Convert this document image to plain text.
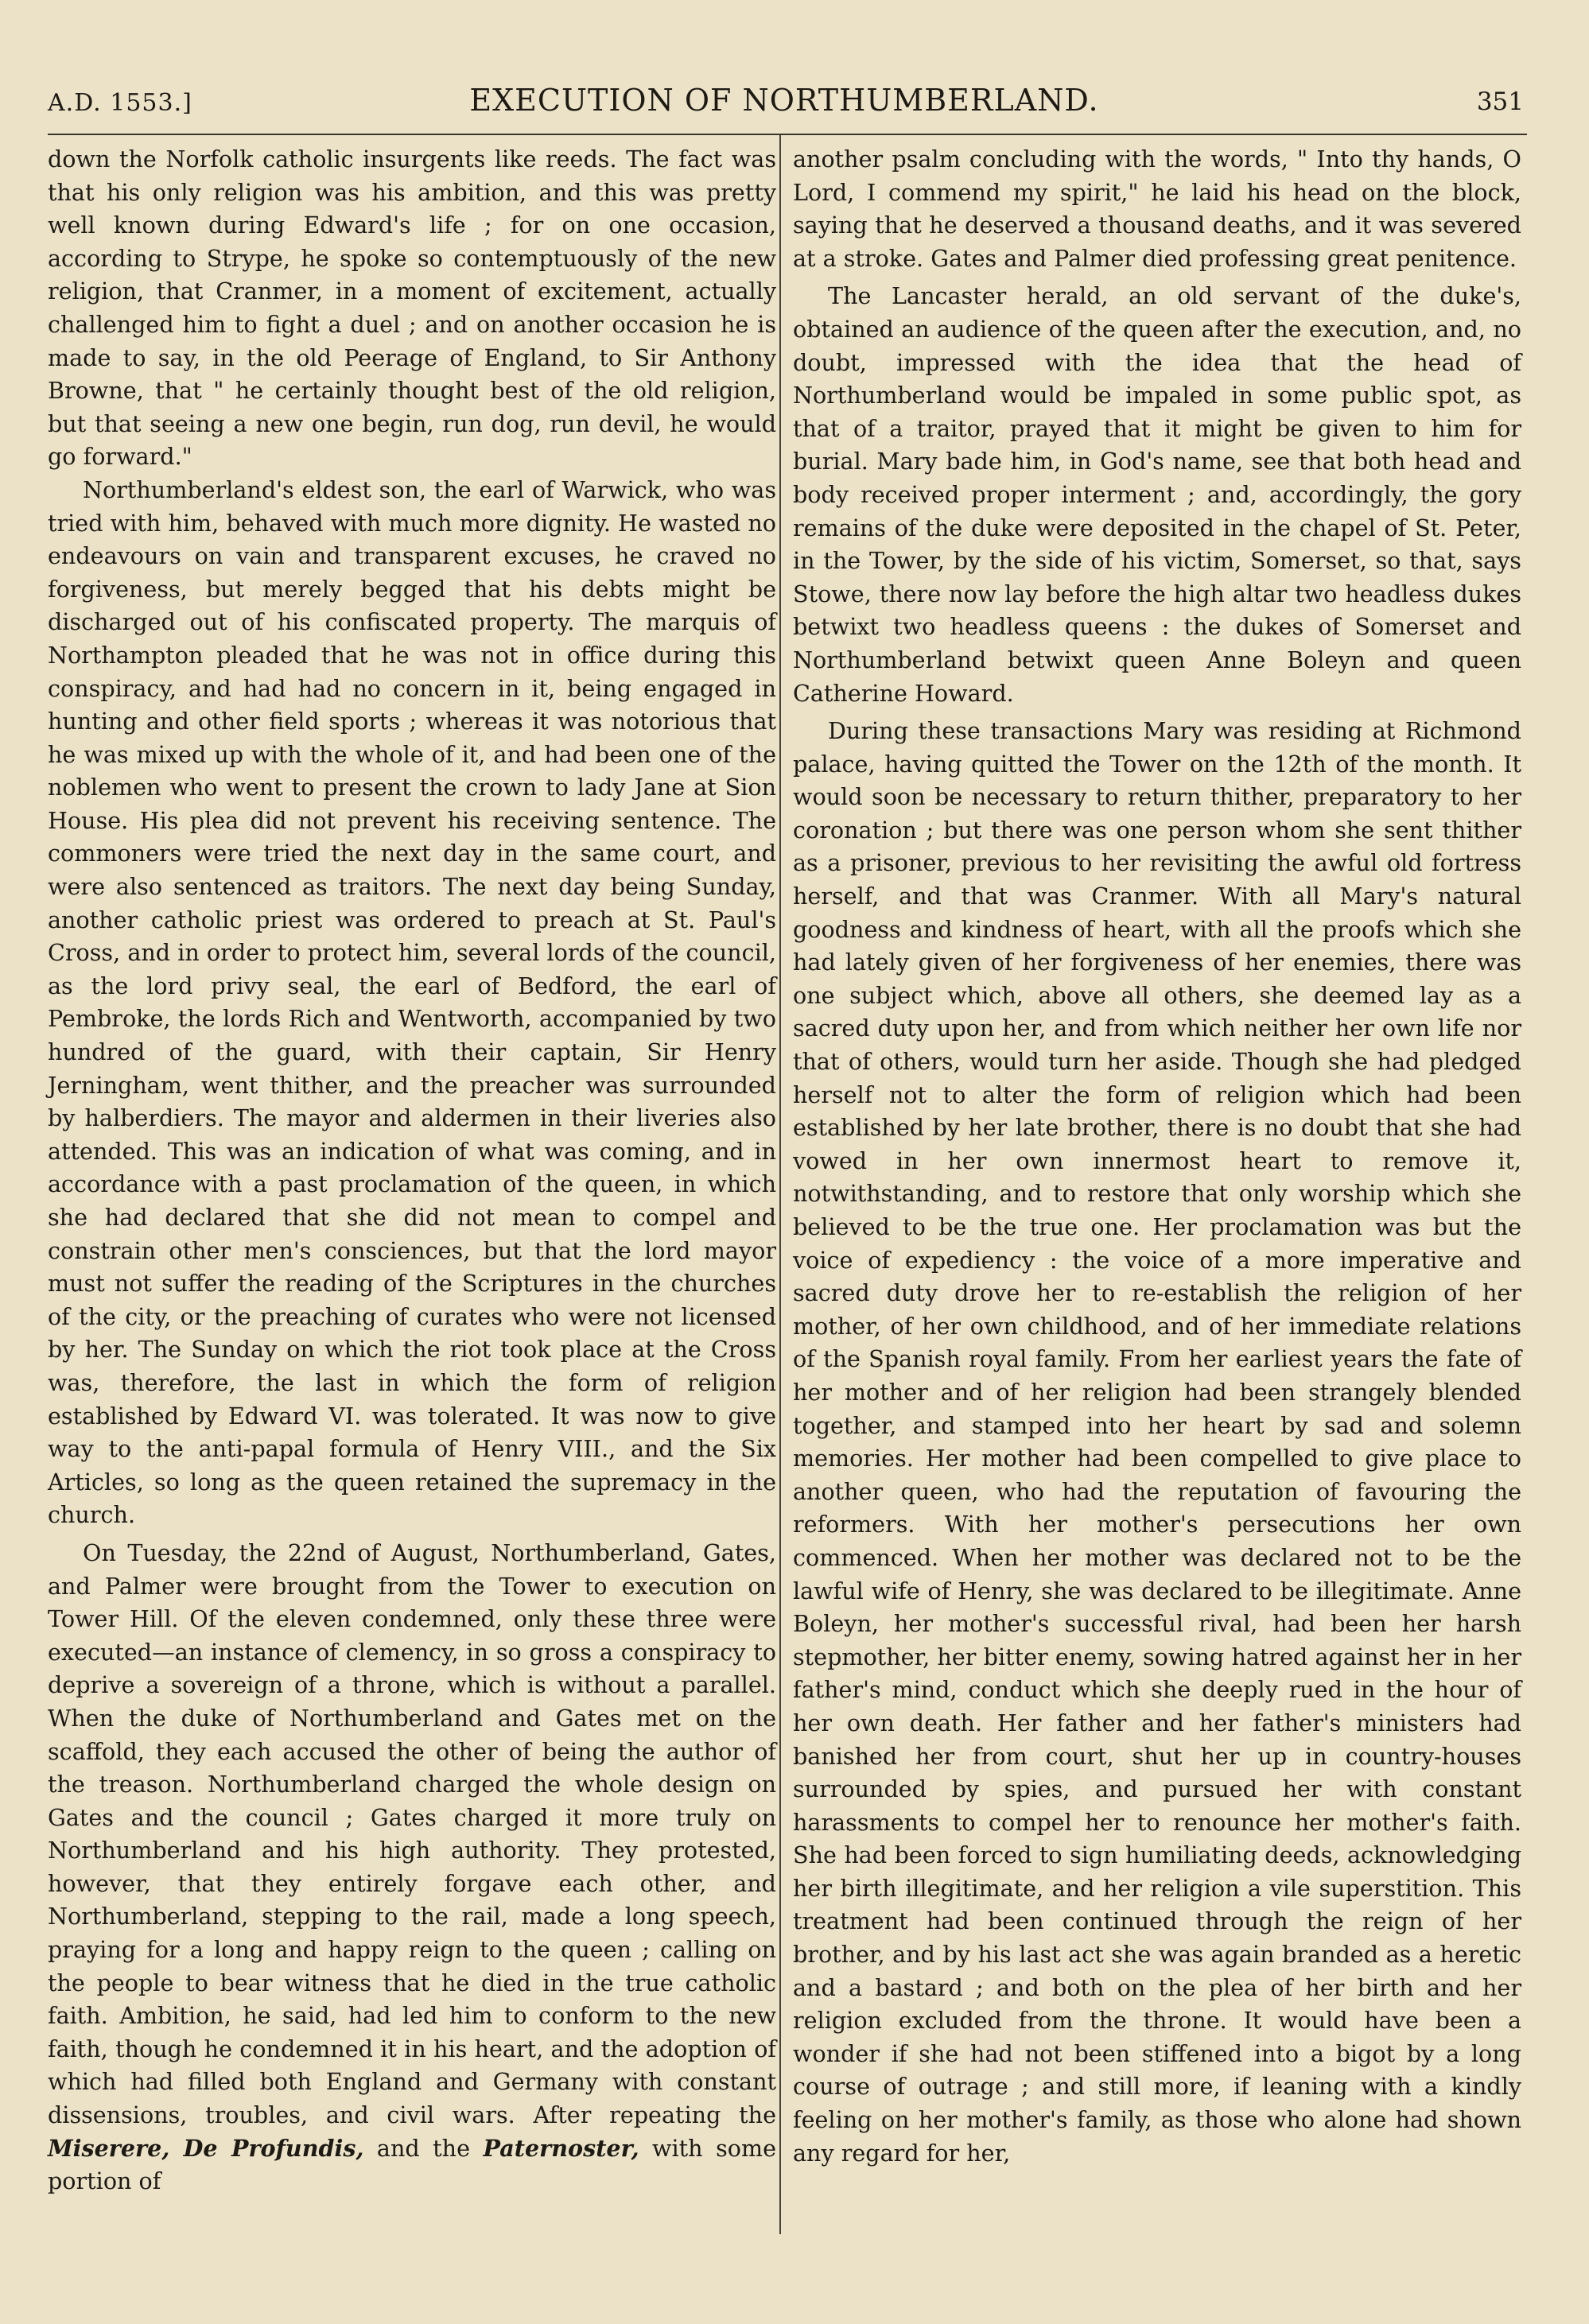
A.D. 1553.]	EXECUTION OF NORTHUMBERLAND.	351

down the Norfolk catholic insurgents like reeds. The fact was that his only religion was his ambition, and this was pretty well known during Edward's life ; for on one occasion, according to Strype, he spoke so contemptuously of the new religion, that Cranmer, in a moment of excitement, actually challenged him to fight a duel ; and on another occasion he is made to say, in the old Peerage of England, to Sir Anthony Browne, that " he certainly thought best of the old religion, but that seeing a new one begin, run dog, run devil, he would go forward."

Northumberland's eldest son, the earl of Warwick, who was tried with him, behaved with much more dignity. He wasted no endeavours on vain and transparent excuses, he craved no forgiveness, but merely begged that his debts might be discharged out of his confiscated property. The marquis of Northampton pleaded that he was not in office during this conspiracy, and had had no concern in it, being engaged in hunting and other field sports ; whereas it was notorious that he was mixed up with the whole of it, and had been one of the noblemen who went to present the crown to lady Jane at Sion House. His plea did not prevent his receiving sentence. The commoners were tried the next day in the same court, and were also sentenced as traitors. The next day being Sunday, another catholic priest was ordered to preach at St. Paul's Cross, and in order to protect him, several lords of the council, as the lord privy seal, the earl of Bedford, the earl of Pembroke, the lords Rich and Wentworth, accompanied by two hundred of the guard, with their captain, Sir Henry Jerningham, went thither, and the preacher was surrounded by halberdiers. The mayor and aldermen in their liveries also attended. This was an indication of what was coming, and in accordance with a past proclamation of the queen, in which she had declared that she did not mean to compel and constrain other men's consciences, but that the lord mayor must not suffer the reading of the Scriptures in the churches of the city, or the preaching of curates who were not licensed by her. The Sunday on which the riot took place at the Cross was, therefore, the last in which the form of religion established by Edward VI. was tolerated. It was now to give way to the anti-papal formula of Henry VIII., and the Six Articles, so long as the queen retained the supremacy in the church.

On Tuesday, the 22nd of August, Northumberland, Gates, and Palmer were brought from the Tower to execution on Tower Hill. Of the eleven condemned, only these three were executed—an instance of clemency, in so gross a conspiracy to deprive a sovereign of a throne, which is without a parallel. When the duke of Northumberland and Gates met on the scaffold, they each accused the other of being the author of the treason. Northumberland charged the whole design on Gates and the council ; Gates charged it more truly on Northumberland and his high authority. They protested, however, that they entirely forgave each other, and Northumberland, stepping to the rail, made a long speech, praying for a long and happy reign to the queen ; calling on the people to bear witness that he died in the true catholic faith. Ambition, he said, had led him to conform to the new faith, though he condemned it in his heart, and the adoption of which had filled both England and Germany with constant dissensions, troubles, and civil wars. After repeating the Miserere, De Profundis, and the Paternoster, with some portion of

another psalm concluding with the words, " Into thy hands, O Lord, I commend my spirit," he laid his head on the block, saying that he deserved a thousand deaths, and it was severed at a stroke. Gates and Palmer died professing great penitence.

The Lancaster herald, an old servant of the duke's, obtained an audience of the queen after the execution, and, no doubt, impressed with the idea that the head of Northumberland would be impaled in some public spot, as that of a traitor, prayed that it might be given to him for burial. Mary bade him, in God's name, see that both head and body received proper interment ; and, accordingly, the gory remains of the duke were deposited in the chapel of St. Peter, in the Tower, by the side of his victim, Somerset, so that, says Stowe, there now lay before the high altar two headless dukes betwixt two headless queens : the dukes of Somerset and Northumberland betwixt queen Anne Boleyn and queen Catherine Howard.

During these transactions Mary was residing at Richmond palace, having quitted the Tower on the 12th of the month. It would soon be necessary to return thither, preparatory to her coronation ; but there was one person whom she sent thither as a prisoner, previous to her revisiting the awful old fortress herself, and that was Cranmer. With all Mary's natural goodness and kindness of heart, with all the proofs which she had lately given of her forgiveness of her enemies, there was one subject which, above all others, she deemed lay as a sacred duty upon her, and from which neither her own life nor that of others, would turn her aside. Though she had pledged herself not to alter the form of religion which had been established by her late brother, there is no doubt that she had vowed in her own innermost heart to remove it, notwithstanding, and to restore that only worship which she believed to be the true one. Her proclamation was but the voice of expediency : the voice of a more imperative and sacred duty drove her to re-establish the religion of her mother, of her own childhood, and of her immediate relations of the Spanish royal family. From her earliest years the fate of her mother and of her religion had been strangely blended together, and stamped into her heart by sad and solemn memories. Her mother had been compelled to give place to another queen, who had the reputation of favouring the reformers. With her mother's persecutions her own commenced. When her mother was declared not to be the lawful wife of Henry, she was declared to be illegitimate. Anne Boleyn, her mother's successful rival, had been her harsh stepmother, her bitter enemy, sowing hatred against her in her father's mind, conduct which she deeply rued in the hour of her own death. Her father and her father's ministers had banished her from court, shut her up in country-houses surrounded by spies, and pursued her with constant harassments to compel her to renounce her mother's faith. She had been forced to sign humiliating deeds, acknowledging her birth illegitimate, and her religion a vile superstition. This treatment had been continued through the reign of her brother, and by his last act she was again branded as a heretic and a bastard ; and both on the plea of her birth and her religion excluded from the throne. It would have been a wonder if she had not been stiffened into a bigot by a long course of outrage ; and still more, if leaning with a kindly feeling on her mother's family, as those who alone had shown any regard for her,
